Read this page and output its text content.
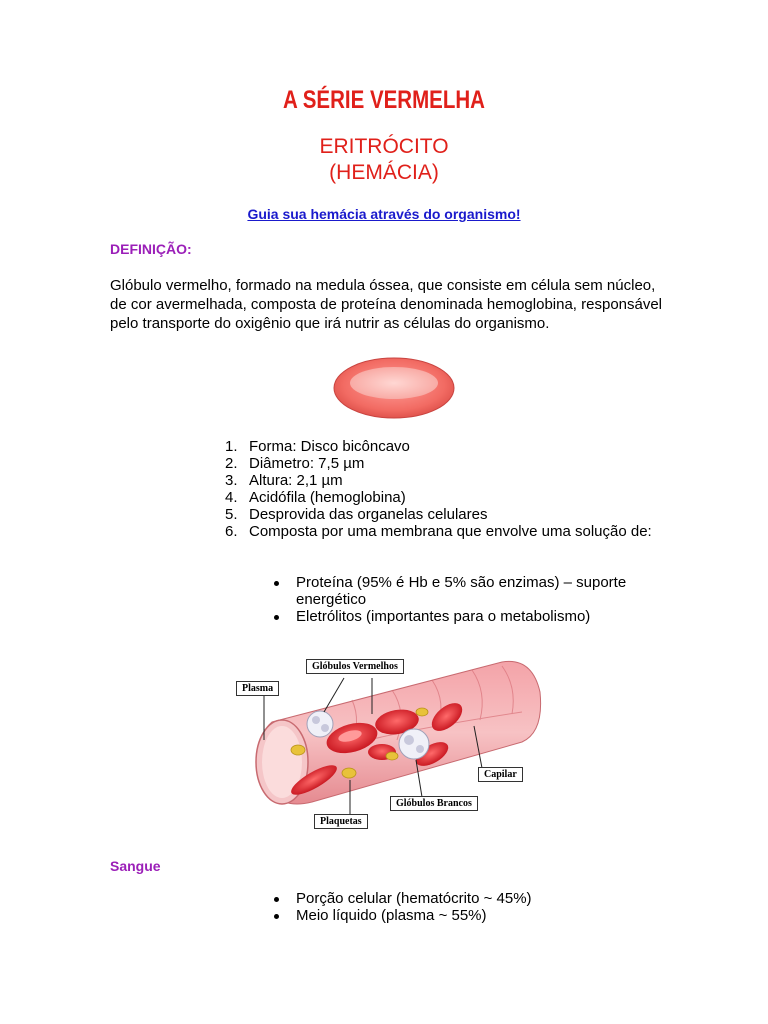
A SÉRIE VERMELHA
ERITRÓCITO
(HEMÁCIA)
Guia sua hemácia através do organismo!
DEFINIÇÃO:
Glóbulo vermelho, formado na medula óssea, que consiste em célula sem núcleo, de cor avermelhada, composta de proteína denominada hemoglobina, responsável pelo transporte do oxigênio que irá nutrir as células do organismo.
1. Forma: Disco bicôncavo
2. Diâmetro: 7,5 µm
3. Altura: 2,1 µm
4. Acidófila (hemoglobina)
5. Desprovida das organelas celulares
6. Composta por uma membrana que envolve uma solução de:
Proteína (95% é Hb e 5% são enzimas) – suporte energético
Eletrólitos (importantes para o metabolismo)
Glóbulos Vermelhos
Plasma
Capilar
Glóbulos Brancos
Plaquetas
Sangue
Porção celular (hematócrito ~ 45%)
Meio líquido (plasma ~ 55%)
